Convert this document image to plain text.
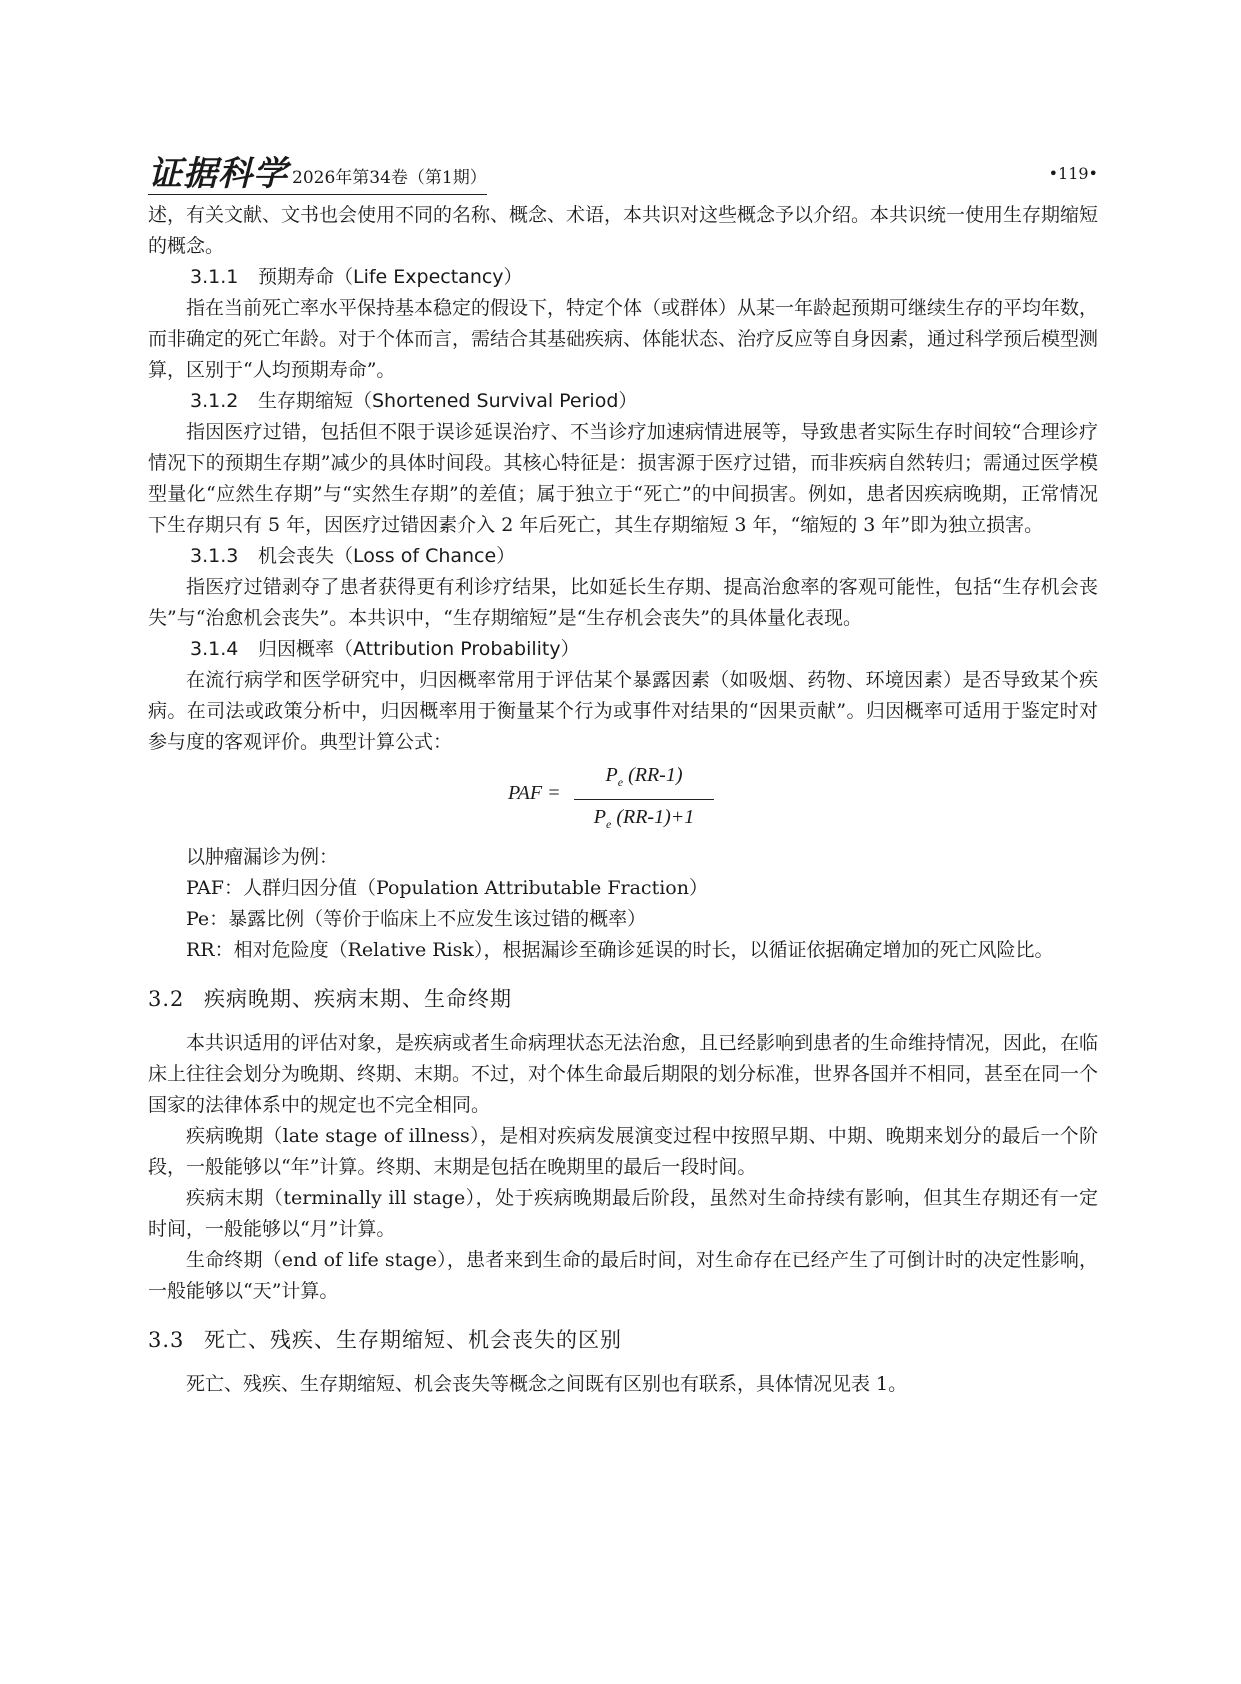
证据科学 2026年第34卷（第1期）	•119•

述，有关文献、文书也会使用不同的名称、概念、术语，本共识对这些概念予以介绍。本共识统一使用生存期缩短的概念。

3.1.1 预期寿命（Life Expectancy）

指在当前死亡率水平保持基本稳定的假设下，特定个体（或群体）从某一年龄起预期可继续生存的平均年数，而非确定的死亡年龄。对于个体而言，需结合其基础疾病、体能状态、治疗反应等自身因素，通过科学预后模型测算，区别于“人均预期寿命”。

3.1.2 生存期缩短（Shortened Survival Period）

指因医疗过错，包括但不限于误诊延误治疗、不当诊疗加速病情进展等，导致患者实际生存时间较“合理诊疗情况下的预期生存期”减少的具体时间段。其核心特征是：损害源于医疗过错，而非疾病自然转归；需通过医学模型量化“应然生存期”与“实然生存期”的差值；属于独立于“死亡”的中间损害。例如，患者因疾病晚期，正常情况下生存期只有 5 年，因医疗过错因素介入 2 年后死亡，其生存期缩短 3 年，“缩短的 3 年”即为独立损害。

3.1.3 机会丧失（Loss of Chance）

指医疗过错剥夺了患者获得更有利诊疗结果，比如延长生存期、提高治愈率的客观可能性，包括“生存机会丧失”与“治愈机会丧失”。本共识中，“生存期缩短”是“生存机会丧失”的具体量化表现。

3.1.4 归因概率（Attribution Probability）

在流行病学和医学研究中，归因概率常用于评估某个暴露因素（如吸烟、药物、环境因素）是否导致某个疾病。在司法或政策分析中，归因概率用于衡量某个行为或事件对结果的“因果贡献”。归因概率可适用于鉴定时对参与度的客观评价。典型计算公式：

PAF =
$P_e$ (RR-1)
$P_e$ (RR-1)+1

以肿瘤漏诊为例：

PAF：人群归因分值（Population Attributable Fraction）

Pe：暴露比例（等价于临床上不应发生该过错的概率）

RR：相对危险度（Relative Risk），根据漏诊至确诊延误的时长，以循证依据确定增加的死亡风险比。

3.2 疾病晚期、疾病末期、生命终期

本共识适用的评估对象，是疾病或者生命病理状态无法治愈，且已经影响到患者的生命维持情况，因此，在临床上往往会划分为晚期、终期、末期。不过，对个体生命最后期限的划分标准，世界各国并不相同，甚至在同一个国家的法律体系中的规定也不完全相同。

疾病晚期（late stage of illness），是相对疾病发展演变过程中按照早期、中期、晚期来划分的最后一个阶段，一般能够以“年”计算。终期、末期是包括在晚期里的最后一段时间。

疾病末期（terminally ill stage），处于疾病晚期最后阶段，虽然对生命持续有影响，但其生存期还有一定时间，一般能够以“月”计算。

生命终期（end of life stage），患者来到生命的最后时间，对生命存在已经产生了可倒计时的决定性影响，一般能够以“天”计算。

3.3 死亡、残疾、生存期缩短、机会丧失的区别

死亡、残疾、生存期缩短、机会丧失等概念之间既有区别也有联系，具体情况见表 1。
